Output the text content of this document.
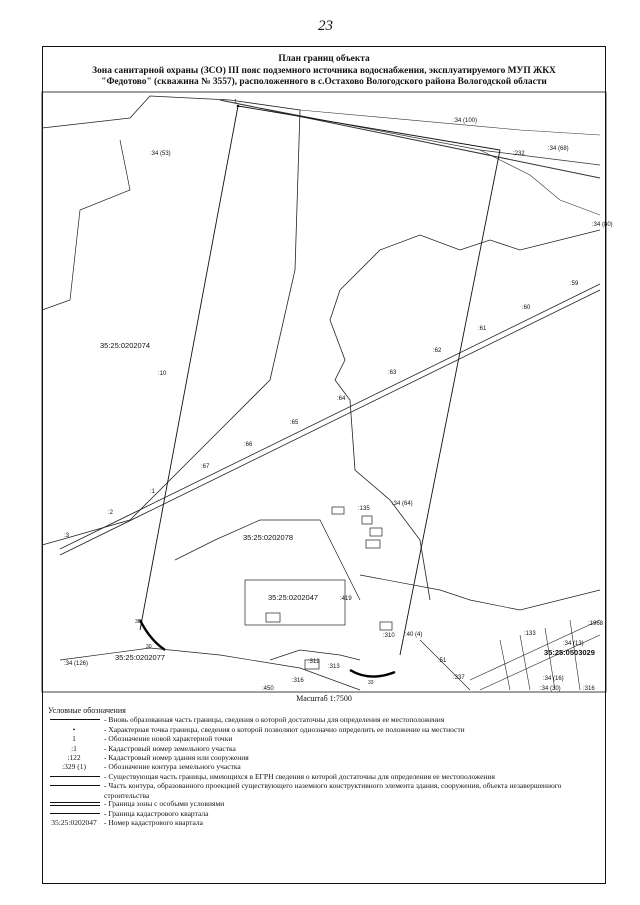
23
План границ объекта
Зона санитарной охраны (ЗСО) III пояс подземного источника водоснабжения, эксплуатируемого МУП ЖКХ
"Федотово" (скважина № 3557), расположенного в с.Остахово Вологодского района Вологодской области
:34 (53)
:10
:34 (100)
:232
:34 (68)
:34 (64)
:34 (126)
:135
:419
:34 (13)
:1968
:312
:313
:316
:450
:310 :40 (4)
:337	:34 (16)
:34 (30)	:316
:60
:59
:61
:62
:63
:64
:65
:66
:67
:1
:2
:3
:51
:133
:34 (80)
35:25:0202074
35:25:0202078
35:25:0202047
35:25:0202077
35:25:0503029
1
38
30
33
Масштаб 1:7500
Условные обозначения
- Вновь образованная часть границы, сведения о которой достаточны для определения ее местоположения
•	- Характерная точка границы, сведения о которой позволяют однозначно определить ее положение на местности
1	- Обозначение новой характерной точки
:1	- Кадастровый номер земельного участка
:122	- Кадастровый номер здания или сооружения
:329 (1)	- Обозначение контура земельного участка
- Существующая часть границы, имеющихся в ЕГРН сведения о которой достаточны для определения ее местоположения
- Часть контура, образованного проекцией существующего наземного конструктивного элемента здания, сооружения, объекта незавершенного строительства
- Граница зоны с особыми условиями
- Граница кадастрового квартала
35:25:0202047 - Номер кадастрового квартала
